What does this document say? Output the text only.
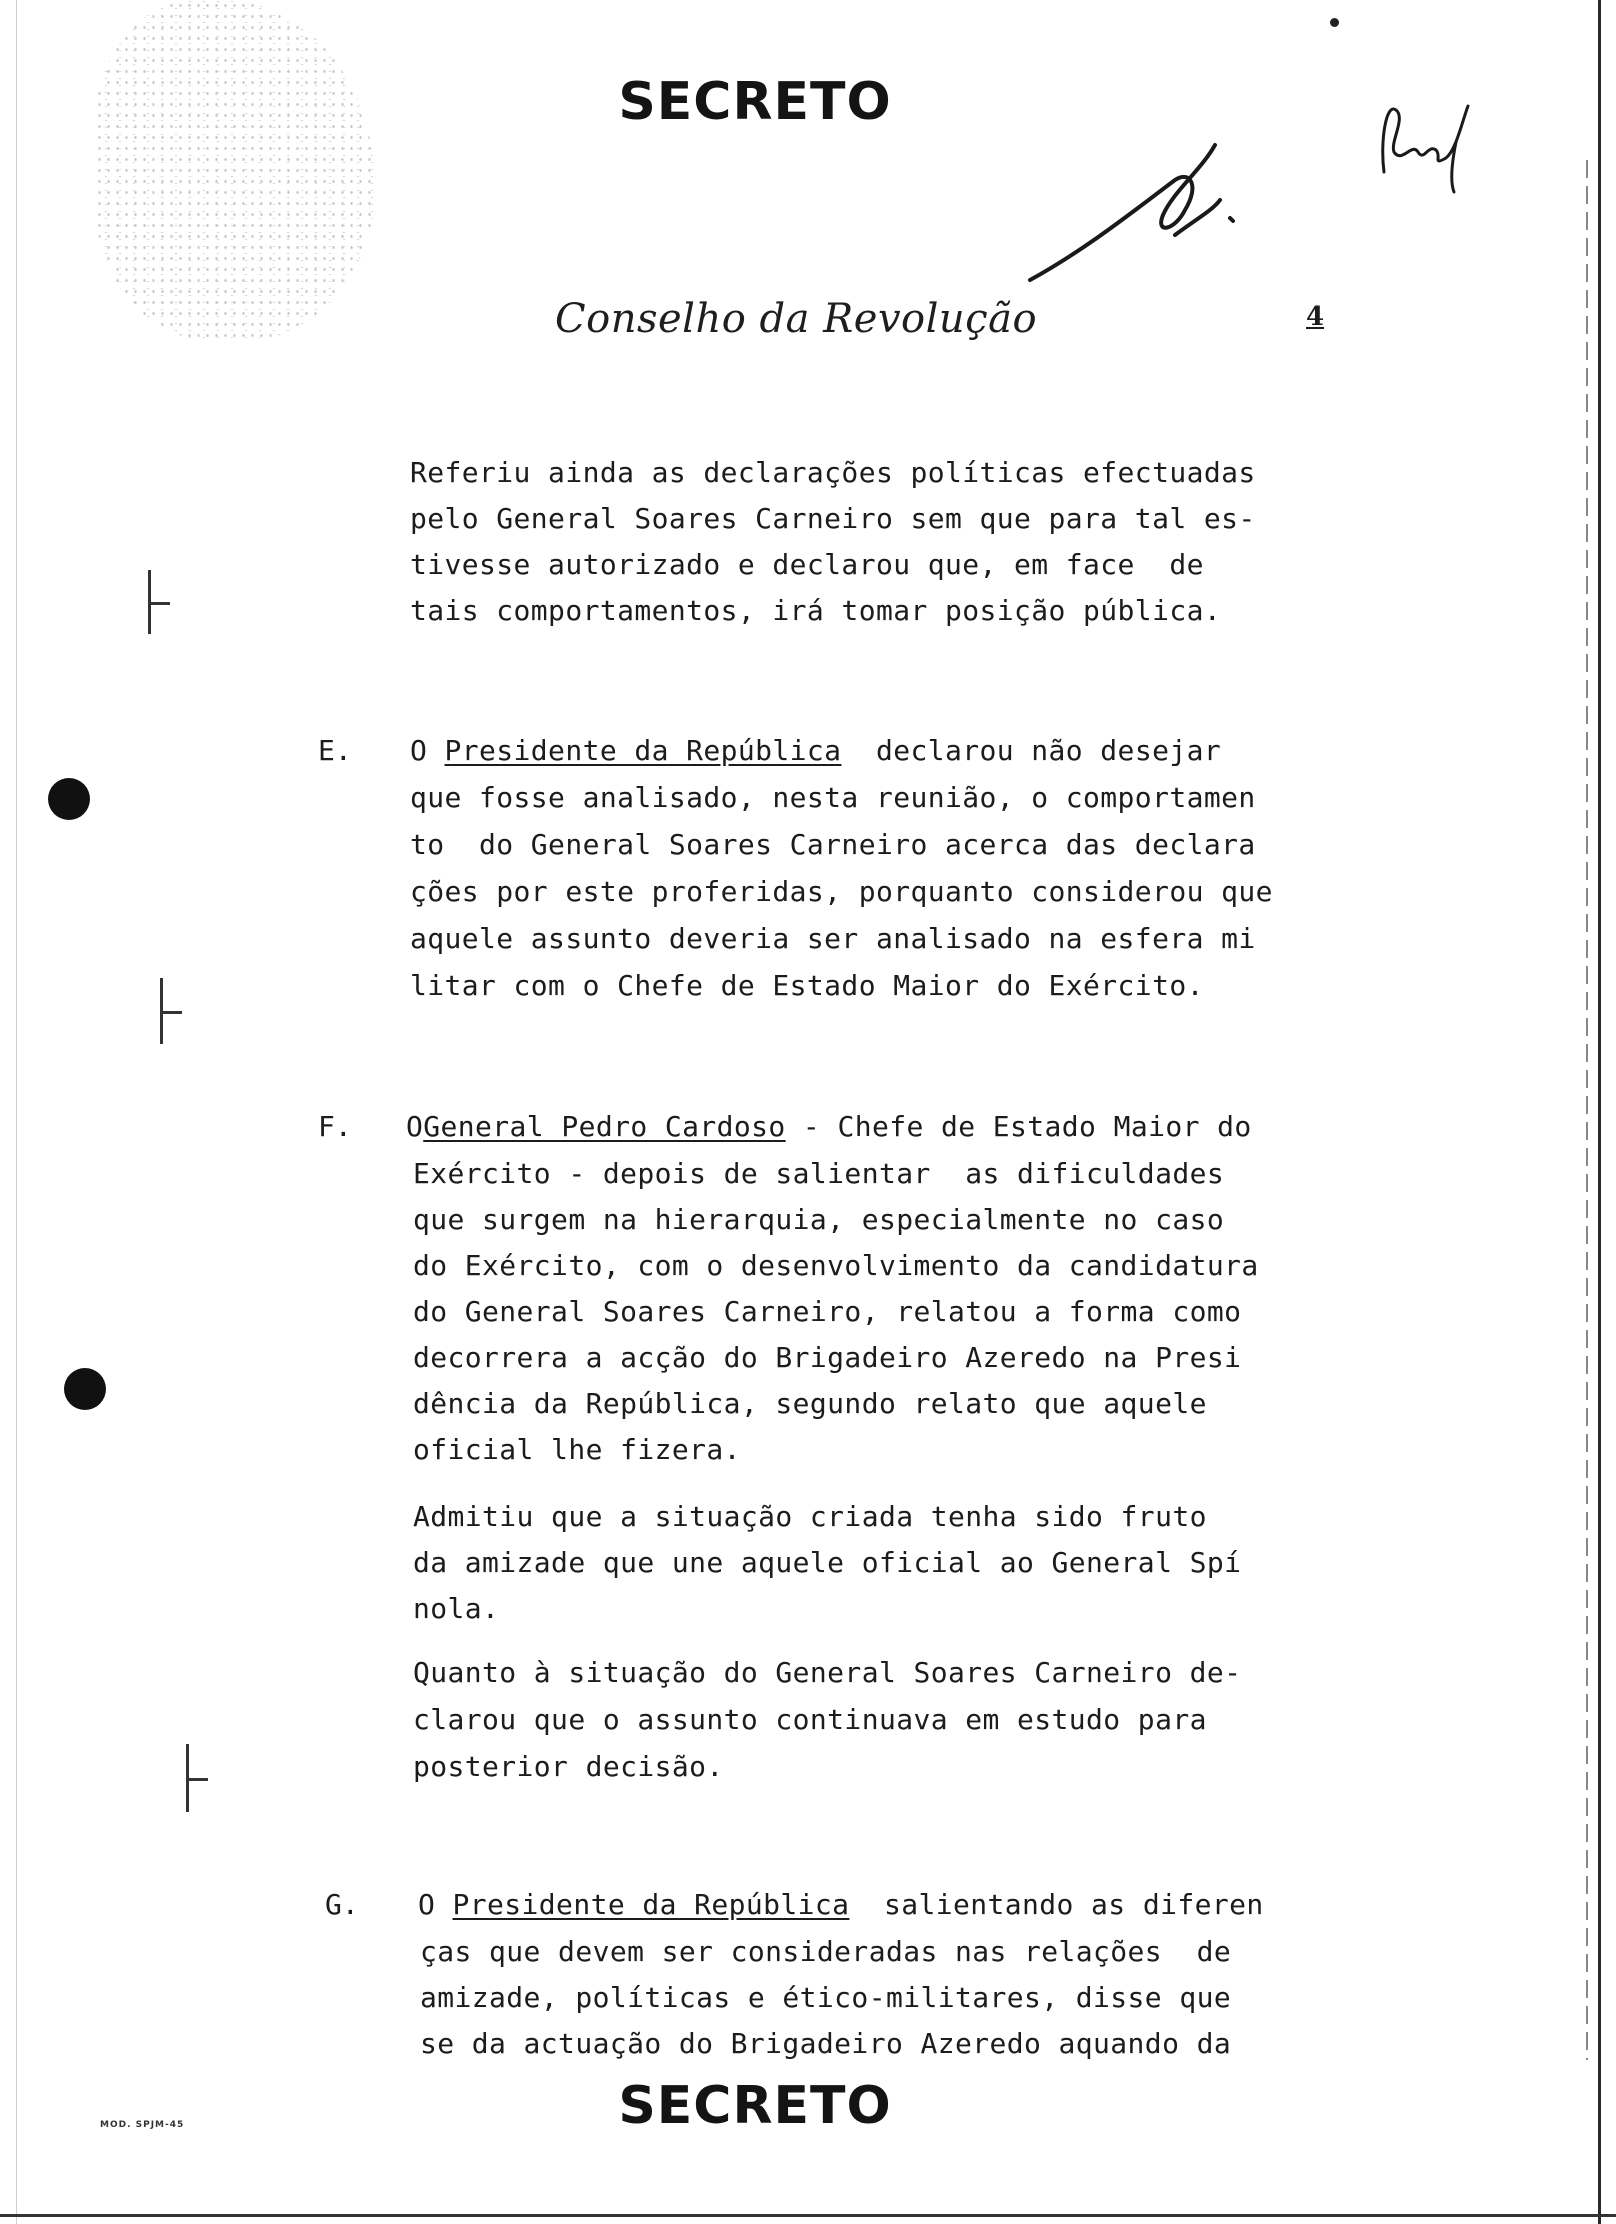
SECRETO
Conselho da Revolução	4
Referiu ainda as declarações políticas efectuadas
pelo General Soares Carneiro sem que para tal es-
tivesse autorizado e declarou que, em face  de
tais comportamentos, irá tomar posição pública.
E. O Presidente da República  declarou não desejar
que fosse analisado, nesta reunião, o comportamen
to  do General Soares Carneiro acerca das declara
ções por este proferidas, porquanto considerou que
aquele assunto deveria ser analisado na esfera mi
litar com o Chefe de Estado Maior do Exército.
F. OGeneral Pedro Cardoso - Chefe de Estado Maior do
Exército - depois de salientar  as dificuldades
que surgem na hierarquia, especialmente no caso
do Exército, com o desenvolvimento da candidatura
do General Soares Carneiro, relatou a forma como
decorrera a acção do Brigadeiro Azeredo na Presi
dência da República, segundo relato que aquele
oficial lhe fizera.
Admitiu que a situação criada tenha sido fruto
da amizade que une aquele oficial ao General Spí
nola.
Quanto à situação do General Soares Carneiro de-
clarou que o assunto continuava em estudo para
posterior decisão.
G. O Presidente da República  salientando as diferen
ças que devem ser consideradas nas relações  de
amizade, políticas e ético-militares, disse que
se da actuação do Brigadeiro Azeredo aquando da
SECRETO
MOD. SPJM-45
